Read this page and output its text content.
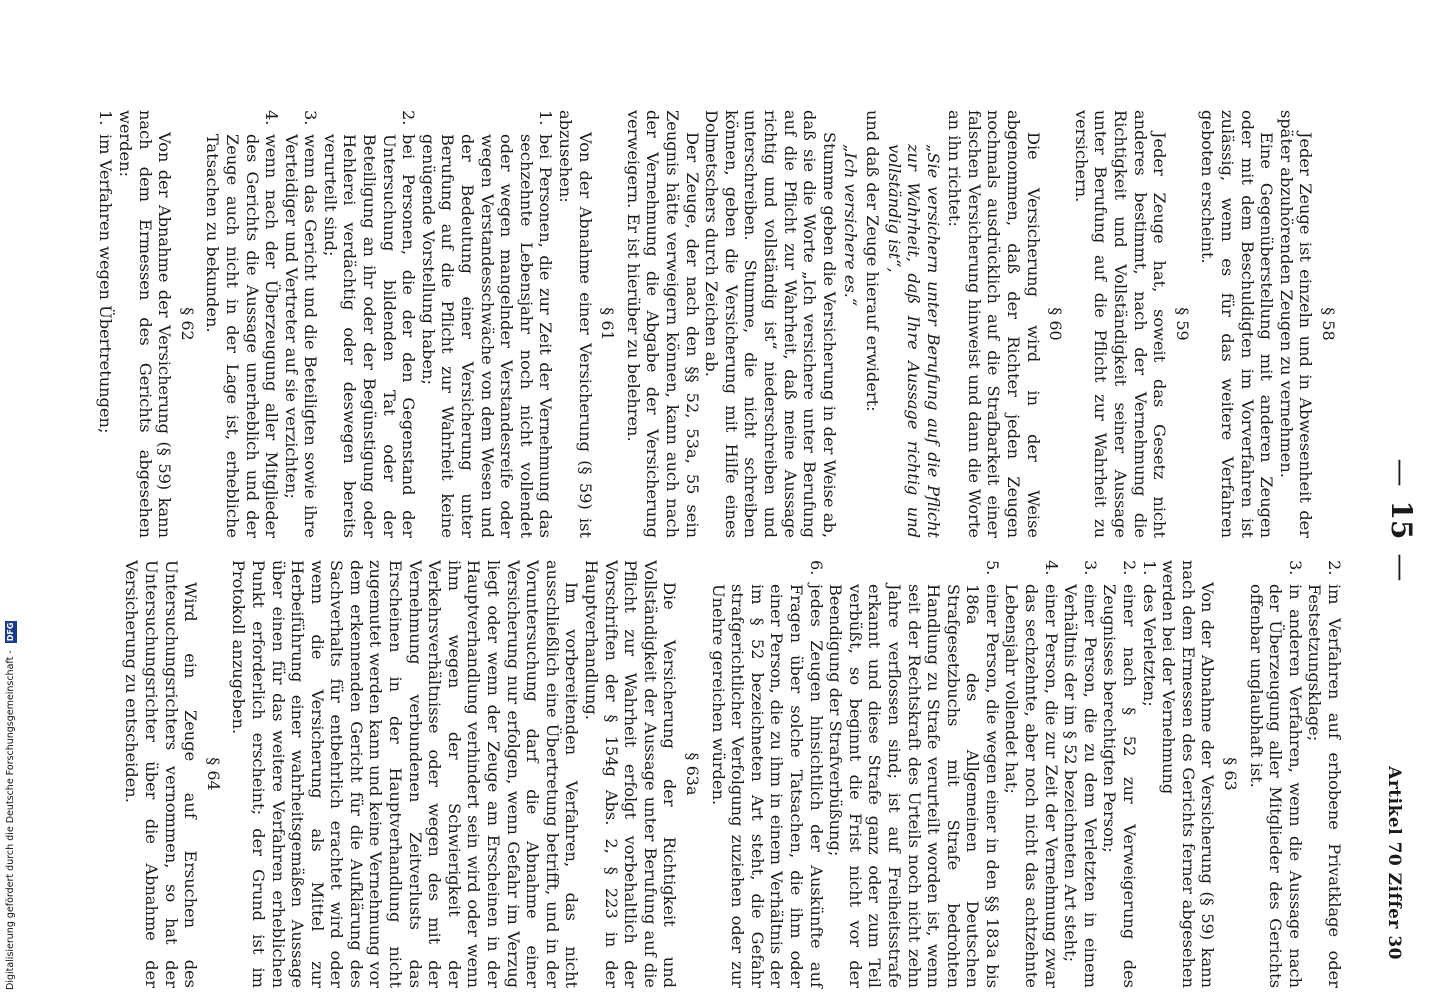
Digitalisierung gefördert durch die Deutsche Forschungsgemeinschaft - DFG
—15—
Artikel 70 Ziffer 30
§ 58

Jeder Zeuge ist einzeln und in Abwesenheit der später abzuhörenden Zeugen zu vernehmen.

Eine Gegenüberstellung mit anderen Zeugen oder mit dem Beschuldigten im Vorverfahren ist zulässig, wenn es für das weitere Verfahren geboten erscheint.

§ 59

Jeder Zeuge hat, soweit das Gesetz nicht anderes bestimmt, nach der Vernehmung die Richtigkeit und Vollständigkeit seiner Aussage unter Berufung auf die Pflicht zur Wahrheit zu versichern.

§ 60

Die Versicherung wird in der Weise abgenommen, daß der Richter jeden Zeugen nochmals ausdrücklich auf die Strafbarkeit einer falschen Versicherung hinweist und dann die Worte an ihn richtet:

„Sie versichern unter Berufung auf die Pflicht zur Wahrheit, daß Ihre Aussage richtig und vollständig ist“,

und daß der Zeuge hierauf erwidert:

„Ich versichere es.“

Stumme geben die Versicherung in der Weise ab, daß sie die Worte „Ich versichere unter Berufung auf die Pflicht zur Wahrheit, daß meine Aussage richtig und vollständig ist“ niederschreiben und unterschreiben. Stumme, die nicht schreiben können, geben die Versicherung mit Hilfe eines Dolmetschers durch Zeichen ab.

Der Zeuge, der nach den §§ 52, 53a, 55 sein Zeugnis hätte verweigern können, kann auch nach der Vernehmung die Abgabe der Versicherung verweigern. Er ist hierüber zu belehren.

§ 61

Von der Abnahme einer Versicherung (§ 59) ist abzusehen:

1.
bei Personen, die zur Zeit der Vernehmung das sechzehnte Lebensjahr noch nicht vollendet oder wegen mangelnder Verstandesreife oder wegen Verstandesschwäche von dem Wesen und der Bedeutung einer Versicherung unter Berufung auf die Pflicht zur Wahrheit keine genügende Vorstellung haben;
2.
bei Personen, die der den Gegenstand der Untersuchung bildenden Tat oder der Beteiligung an ihr oder der Begünstigung oder Hehlerei verdächtig oder deswegen bereits verurteilt sind;
3.
wenn das Gericht und die Beteiligten sowie ihre Verteidiger und Vertreter auf sie verzichten;
4.
wenn nach der Überzeugung aller Mitglieder des Gerichts die Aussage unerheblich und der Zeuge auch nicht in der Lage ist, erhebliche Tatsachen zu bekunden.
§ 62

Von der Abnahme der Versicherung (§ 59) kann nach dem Ermessen des Gerichts abgesehen werden:

1.
im Verfahren wegen Übertretungen;
2.
im Verfahren auf erhobene Privatklage oder Festsetzungsklage;
3.
in anderen Verfahren, wenn die Aussage nach der Überzeugung aller Mitglieder des Gerichts offenbar unglaubhaft ist.
§ 63

Von der Abnahme der Versicherung (§ 59) kann nach dem Ermessen des Gerichts ferner abgesehen werden bei der Vernehmung

1.
des Verletzten;
2.
einer nach § 52 zur Verweigerung des Zeugnisses berechtigten Person;
3.
einer Person, die zu dem Verletzten in einem Verhältnis der im § 52 bezeichneten Art steht;
4.
einer Person, die zur Zeit der Vernehmung zwar das sechzehnte, aber noch nicht das achtzehnte Lebensjahr vollendet hat;
5.
einer Person, die wegen einer in den §§ 183a bis 186a des Allgemeinen Deutschen Strafgesetzbuchs mit Strafe bedrohten Handlung zu Strafe verurteilt worden ist, wenn seit der Rechtskraft des Urteils noch nicht zehn Jahre verflossen sind; ist auf Freiheitsstrafe erkannt und diese Strafe ganz oder zum Teil verbüßt, so beginnt die Frist nicht vor der Beendigung der Strafverbüßung;
6.
jedes Zeugen hinsichtlich der Auskünfte auf Fragen über solche Tatsachen, die ihm oder einer Person, die zu ihm in einem Verhältnis der im § 52 bezeichneten Art steht, die Gefahr strafgerichtlicher Verfolgung zuziehen oder zur Unehre gereichen würden.
§ 63a

Die Versicherung der Richtigkeit und Vollständigkeit der Aussage unter Berufung auf die Pflicht zur Wahrheit erfolgt vorbehaltlich der Vorschriften der § 154g Abs. 2, § 223 in der Hauptverhandlung.

Im vorbereitenden Verfahren, das nicht ausschließlich eine Übertretung betrifft, und in der Voruntersuchung darf die Abnahme einer Versicherung nur erfolgen, wenn Gefahr im Verzug liegt oder wenn der Zeuge am Erscheinen in der Hauptverhandlung verhindert sein wird oder wenn ihm wegen der Schwierigkeit der Verkehrsverhältnisse oder wegen des mit der Vernehmung verbundenen Zeitverlusts das Erscheinen in der Hauptverhandlung nicht zugemutet werden kann und keine Vernehmung vor dem erkennenden Gericht für die Aufklärung des Sachverhalts für entbehrlich erachtet wird oder wenn die Versicherung als Mittel zur Herbeiführung einer wahrheitsgemäßen Aussage über einen für das weitere Verfahren erheblichen Punkt erforderlich erscheint; der Grund ist im Protokoll anzugeben.

§ 64

Wird ein Zeuge auf Ersuchen des Untersuchungsrichters vernommen, so hat der Untersuchungsrichter über die Abnahme der Versicherung zu entscheiden.
